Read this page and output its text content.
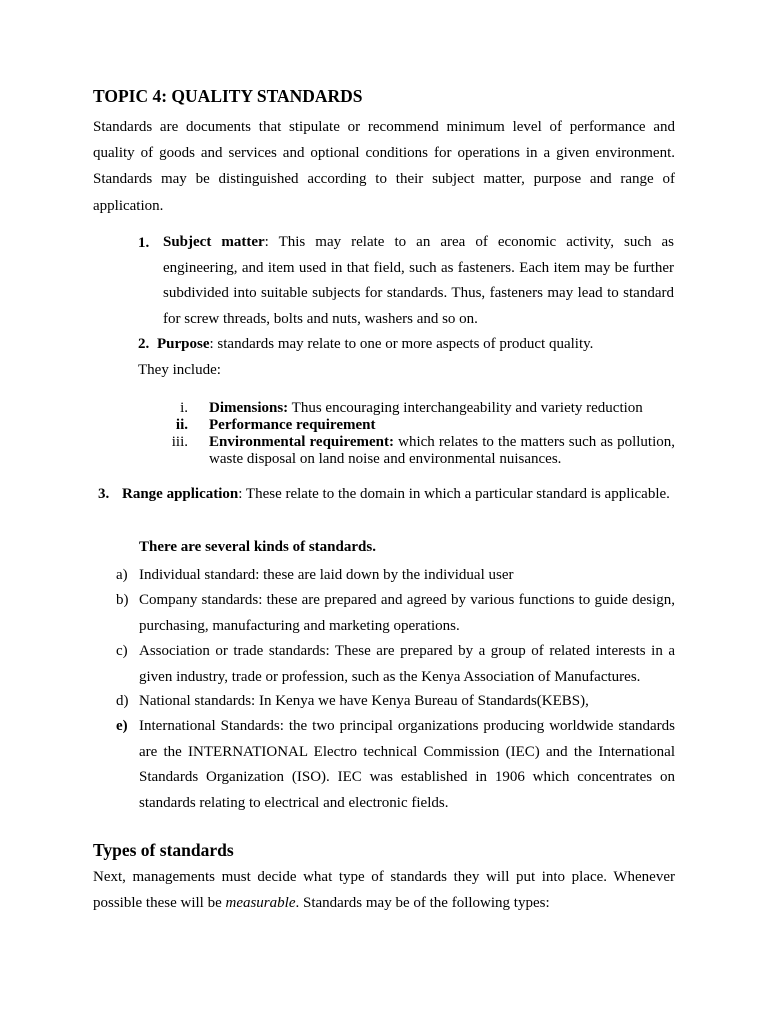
TOPIC 4: QUALITY STANDARDS
Standards are documents that stipulate or recommend minimum level of performance and quality of goods and services and optional conditions for operations in a given environment. Standards may be distinguished according to their subject matter, purpose and range of application.
1. Subject matter: This may relate to an area of economic activity, such as engineering, and item used in that field, such as fasteners. Each item may be further subdivided into suitable subjects for standards. Thus, fasteners may lead to standard for screw threads, bolts and nuts, washers and so on.
2. Purpose: standards may relate to one or more aspects of product quality.
They include:
i. Dimensions: Thus encouraging interchangeability and variety reduction
ii. Performance requirement
iii. Environmental requirement: which relates to the matters such as pollution, waste disposal on land noise and environmental nuisances.
3. Range application: These relate to the domain in which a particular standard is applicable.
There are several kinds of standards.
a) Individual standard: these are laid down by the individual user
b) Company standards: these are prepared and agreed by various functions to guide design, purchasing, manufacturing and marketing operations.
c) Association or trade standards: These are prepared by a group of related interests in a given industry, trade or profession, such as the Kenya Association of Manufactures.
d) National standards: In Kenya we have Kenya Bureau of Standards(KEBS),
e) International Standards: the two principal organizations producing worldwide standards are the INTERNATIONAL Electro technical Commission (IEC) and the International Standards Organization (ISO). IEC was established in 1906 which concentrates on standards relating to electrical and electronic fields.
Types of standards
Next, managements must decide what type of standards they will put into place. Whenever possible these will be measurable. Standards may be of the following types:
